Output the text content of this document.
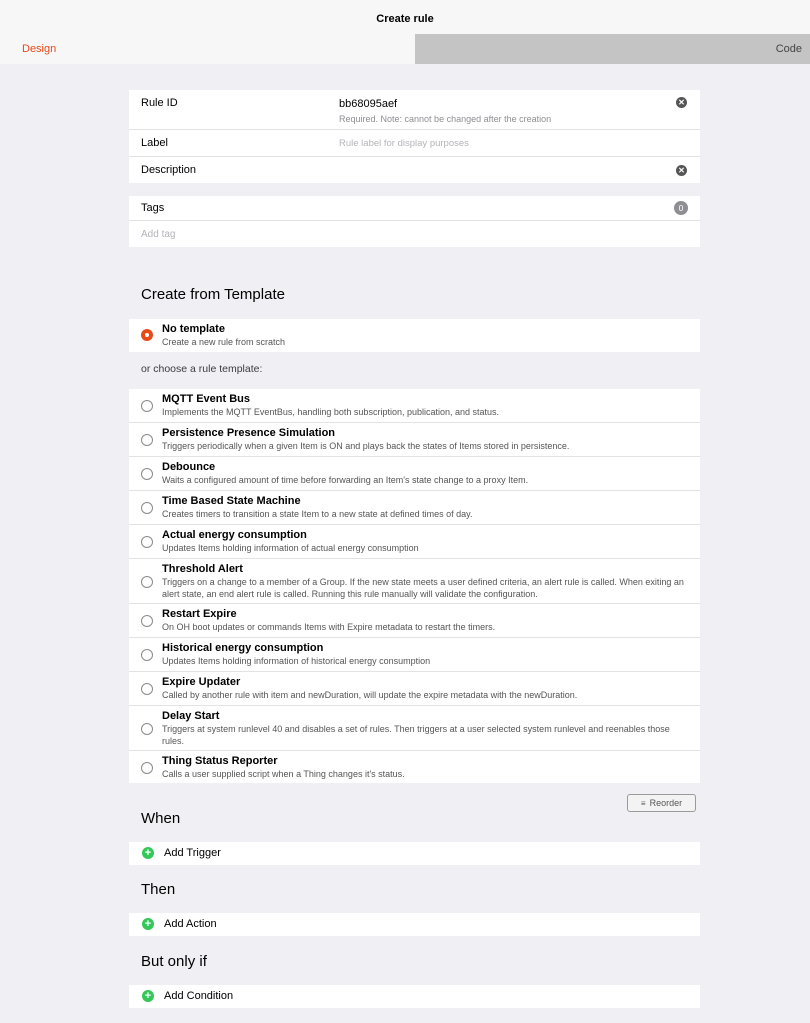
Create rule
Design	Code
Rule ID	bb68095aef
Required. Note: cannot be changed after the creation
✕
Label	Rule label for display purposes
Description	✕
Tags	0
Add tag
Create from Template
No template
Create a new rule from scratch
or choose a rule template:
MQTT Event Bus
Implements the MQTT EventBus, handling both subscription, publication, and status.
Persistence Presence Simulation
Triggers periodically when a given Item is ON and plays back the states of Items stored in persistence.
Debounce
Waits a configured amount of time before forwarding an Item's state change to a proxy Item.
Time Based State Machine
Creates timers to transition a state Item to a new state at defined times of day.
Actual energy consumption
Updates Items holding information of actual energy consumption
Threshold Alert
Triggers on a change to a member of a Group. If the new state meets a user defined criteria, an alert rule is called. When exiting an alert state, an end alert rule is called. Running this rule manually will validate the configuration.
Restart Expire
On OH boot updates or commands Items with Expire metadata to restart the timers.
Historical energy consumption
Updates Items holding information of historical energy consumption
Expire Updater
Called by another rule with item and newDuration, will update the expire metadata with the newDuration.
Delay Start
Triggers at system runlevel 40 and disables a set of rules. Then triggers at a user selected system runlevel and reenables those rules.
Thing Status Reporter
Calls a user supplied script when a Thing changes it's status.
≡ Reorder
When
+ Add Trigger
Then
+ Add Action
But only if
+ Add Condition
